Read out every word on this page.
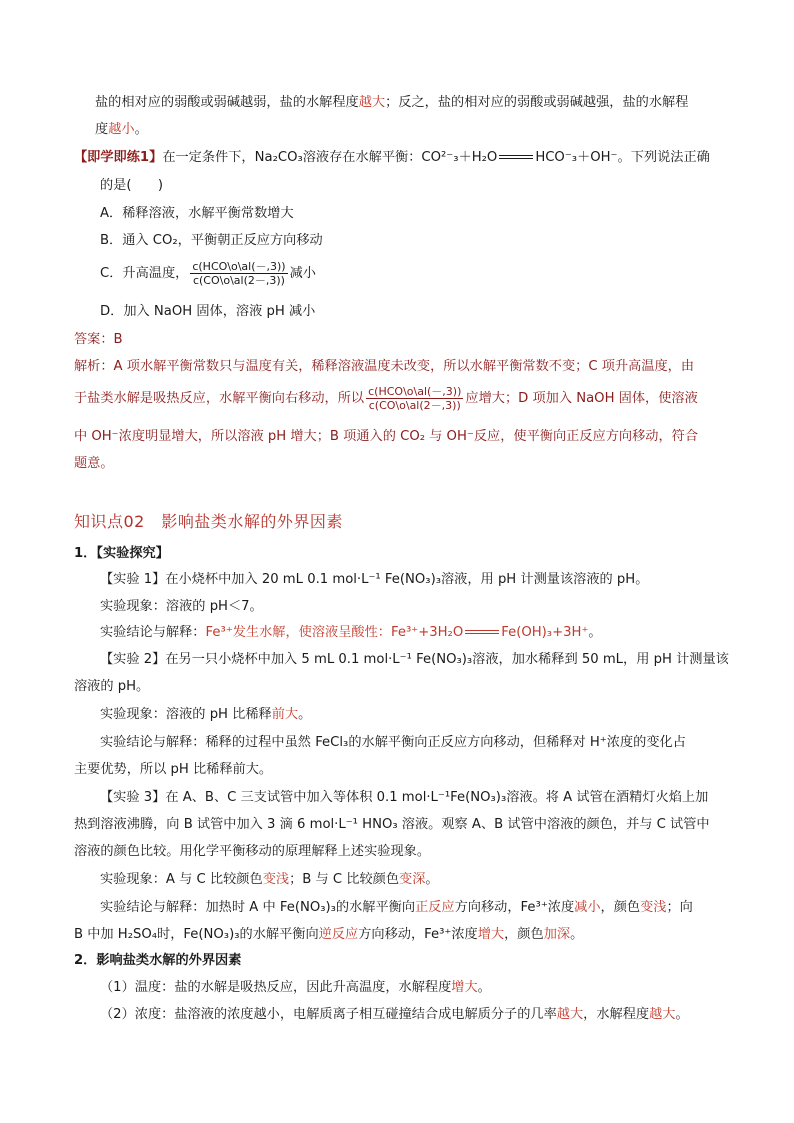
盐的相对应的弱酸或弱碱越弱，盐的水解程度越大；反之，盐的相对应的弱酸或弱碱越强，盐的水解程
度越小。
【即学即练1】在一定条件下，Na₂CO₃溶液存在水解平衡：CO²⁻₃＋H₂O	HCO⁻₃＋OH⁻。下列说法正确
的是(　　)
A．稀释溶液，水解平衡常数增大
B．通入 CO₂，平衡朝正反应方向移动
C．升高温度， $\frac{\text{c(HCO\textbackslash{}o\textbackslash{}al(－,3))}}{c(CO\backslash o\backslash al(2-,3))}$ 减小
D．加入 NaOH 固体，溶液 pH 减小
答案：B
解析：A 项水解平衡常数只与温度有关，稀释溶液温度未改变，所以水解平衡常数不变；C 项升高温度，由
于盐类水解是吸热反应，水解平衡向右移动，所以 $\frac{\text{c(HCO\textbackslash{}o\textbackslash{}al(－,3))}}{c(CO\backslash o\backslash al(2-,3))}$ 应增大；D 项加入 NaOH 固体，使溶液
中 OH⁻浓度明显增大，所以溶液 pH 增大；B 项通入的 CO₂ 与 OH⁻反应，使平衡向正反应方向移动，符合
题意。
知识点02　影响盐类水解的外界因素
1．【实验探究】
【实验 1】在小烧杯中加入 20 mL 0.1 mol·L⁻¹ Fe(NO₃)₃溶液，用 pH 计测量该溶液的 pH。
实验现象：溶液的 pH＜7。
实验结论与解释：Fe³⁺发生水解，使溶液呈酸性：Fe³⁺+3H₂O	Fe(OH)₃+3H⁺。
【实验 2】在另一只小烧杯中加入 5 mL 0.1 mol·L⁻¹ Fe(NO₃)₃溶液，加水稀释到 50 mL，用 pH 计测量该
溶液的 pH。
实验现象：溶液的 pH 比稀释前大。
实验结论与解释：稀释的过程中虽然 FeCl₃的水解平衡向正反应方向移动，但稀释对 H⁺浓度的变化占
主要优势，所以 pH 比稀释前大。
【实验 3】在 A、B、C 三支试管中加入等体积 0.1 mol·L⁻¹Fe(NO₃)₃溶液。将 A 试管在酒精灯火焰上加
热到溶液沸腾，向 B 试管中加入 3 滴 6 mol·L⁻¹ HNO₃ 溶液。观察 A、B 试管中溶液的颜色，并与 C 试管中
溶液的颜色比较。用化学平衡移动的原理解释上述实验现象。
实验现象：A 与 C 比较颜色变浅；B 与 C 比较颜色变深。
实验结论与解释：加热时 A 中 Fe(NO₃)₃的水解平衡向正反应方向移动，Fe³⁺浓度减小，颜色变浅；向
B 中加 H₂SO₄时，Fe(NO₃)₃的水解平衡向逆反应方向移动，Fe³⁺浓度增大，颜色加深。
2．影响盐类水解的外界因素
（1）温度：盐的水解是吸热反应，因此升高温度，水解程度增大。
（2）浓度：盐溶液的浓度越小，电解质离子相互碰撞结合成电解质分子的几率越大，水解程度越大。
